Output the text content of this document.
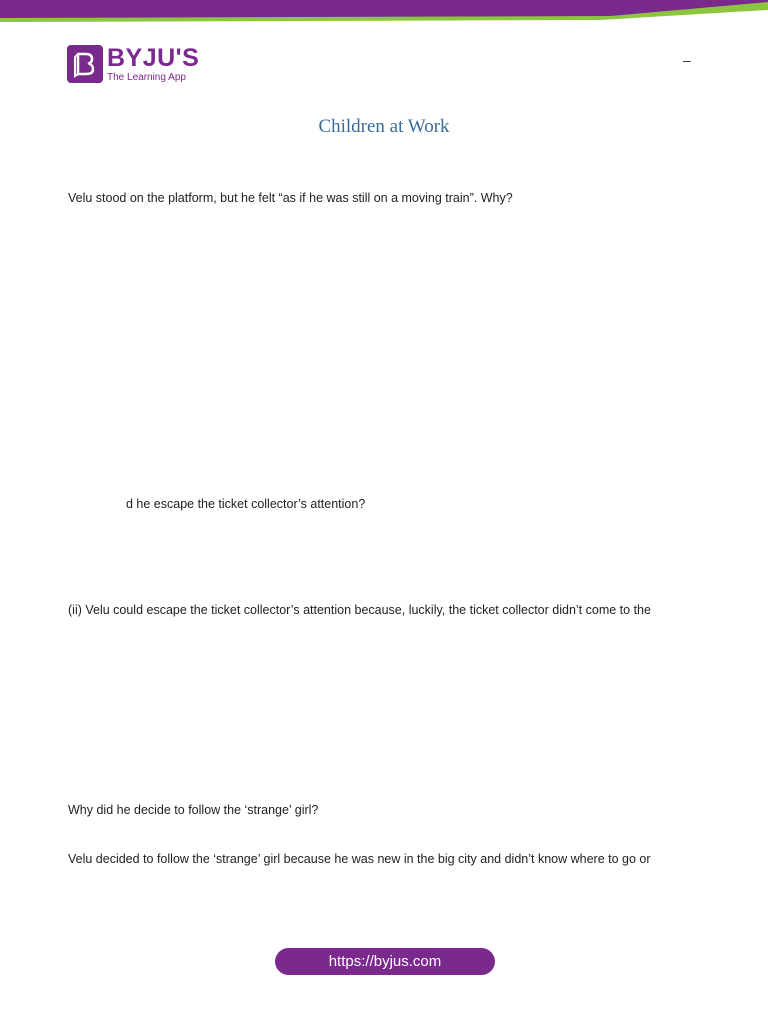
BYJU'S
The Learning App
–
Children at Work
Velu stood on the platform, but he felt “as if he was still on a moving train”. Why?
d he escape the ticket collector’s attention?
(ii) Velu could escape the ticket collector’s attention because, luckily, the ticket collector didn’t come to the
Why did he decide to follow the ‘strange’ girl?
Velu decided to follow the ‘strange’ girl because he was new in the big city and didn’t know where to go or
https://byjus.com
